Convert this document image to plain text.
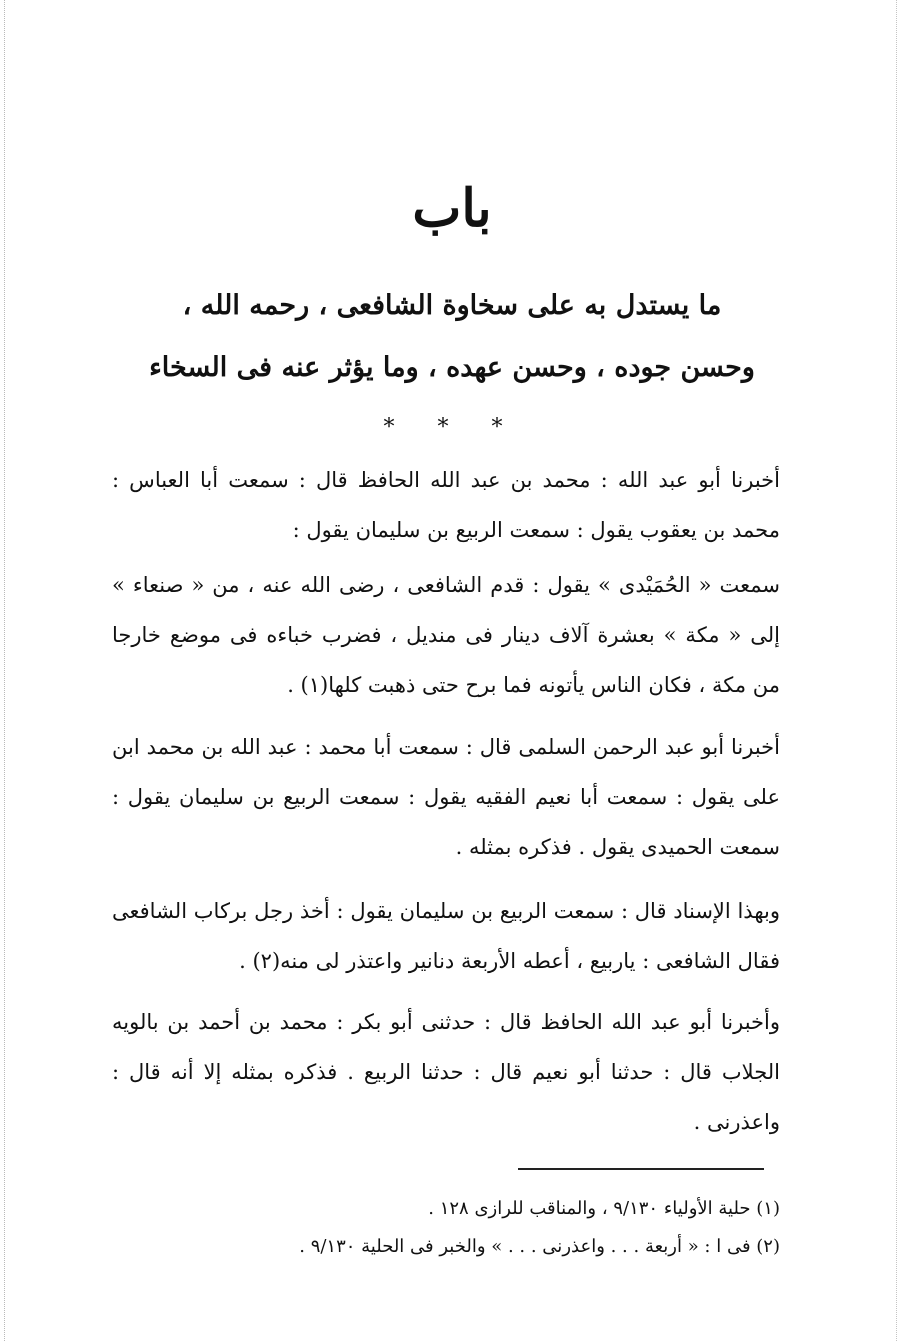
باب
ما يستدل به على سخاوة الشافعى ، رحمه الله ،
وحسن جوده ، وحسن عهده ، وما يؤثر عنه فى السخاء
* * *
أخبرنا أبو عبد الله : محمد بن عبد الله الحافظ قال : سمعت أبا العباس : محمد بن يعقوب يقول : سمعت الربيع بن سليمان يقول :
سمعت « الحُمَيْدى » يقول : قدم الشافعى ، رضى الله عنه ، من « صنعاء » إلى « مكة » بعشرة آلاف دينار فى منديل ، فضرب خباءه فى موضع خارجا من مكة ، فكان الناس يأتونه فما برح حتى ذهبت كلها(١) .
أخبرنا أبو عبد الرحمن السلمى قال : سمعت أبا محمد : عبد الله بن محمد ابن على يقول : سمعت أبا نعيم الفقيه يقول : سمعت الربيع بن سليمان يقول : سمعت الحميدى يقول . فذكره بمثله .
وبهذا الإسناد قال : سمعت الربيع بن سليمان يقول : أخذ رجل بركاب الشافعى فقال الشافعى : ياربيع ، أعطه الأربعة دنانير واعتذر لى منه(٢) .
وأخبرنا أبو عبد الله الحافظ قال : حدثنى أبو بكر : محمد بن أحمد بن بالويه الجلاب قال : حدثنا أبو نعيم قال : حدثنا الربيع . فذكره بمثله إلا أنه قال : واعذرنى .
(١) حلية الأولياء ٩/١٣٠ ، والمناقب للرازى ١٢٨ .
(٢) فى ا : « أربعة . . . واعذرنى . . . » والخبر فى الحلية ٩/١٣٠ .
